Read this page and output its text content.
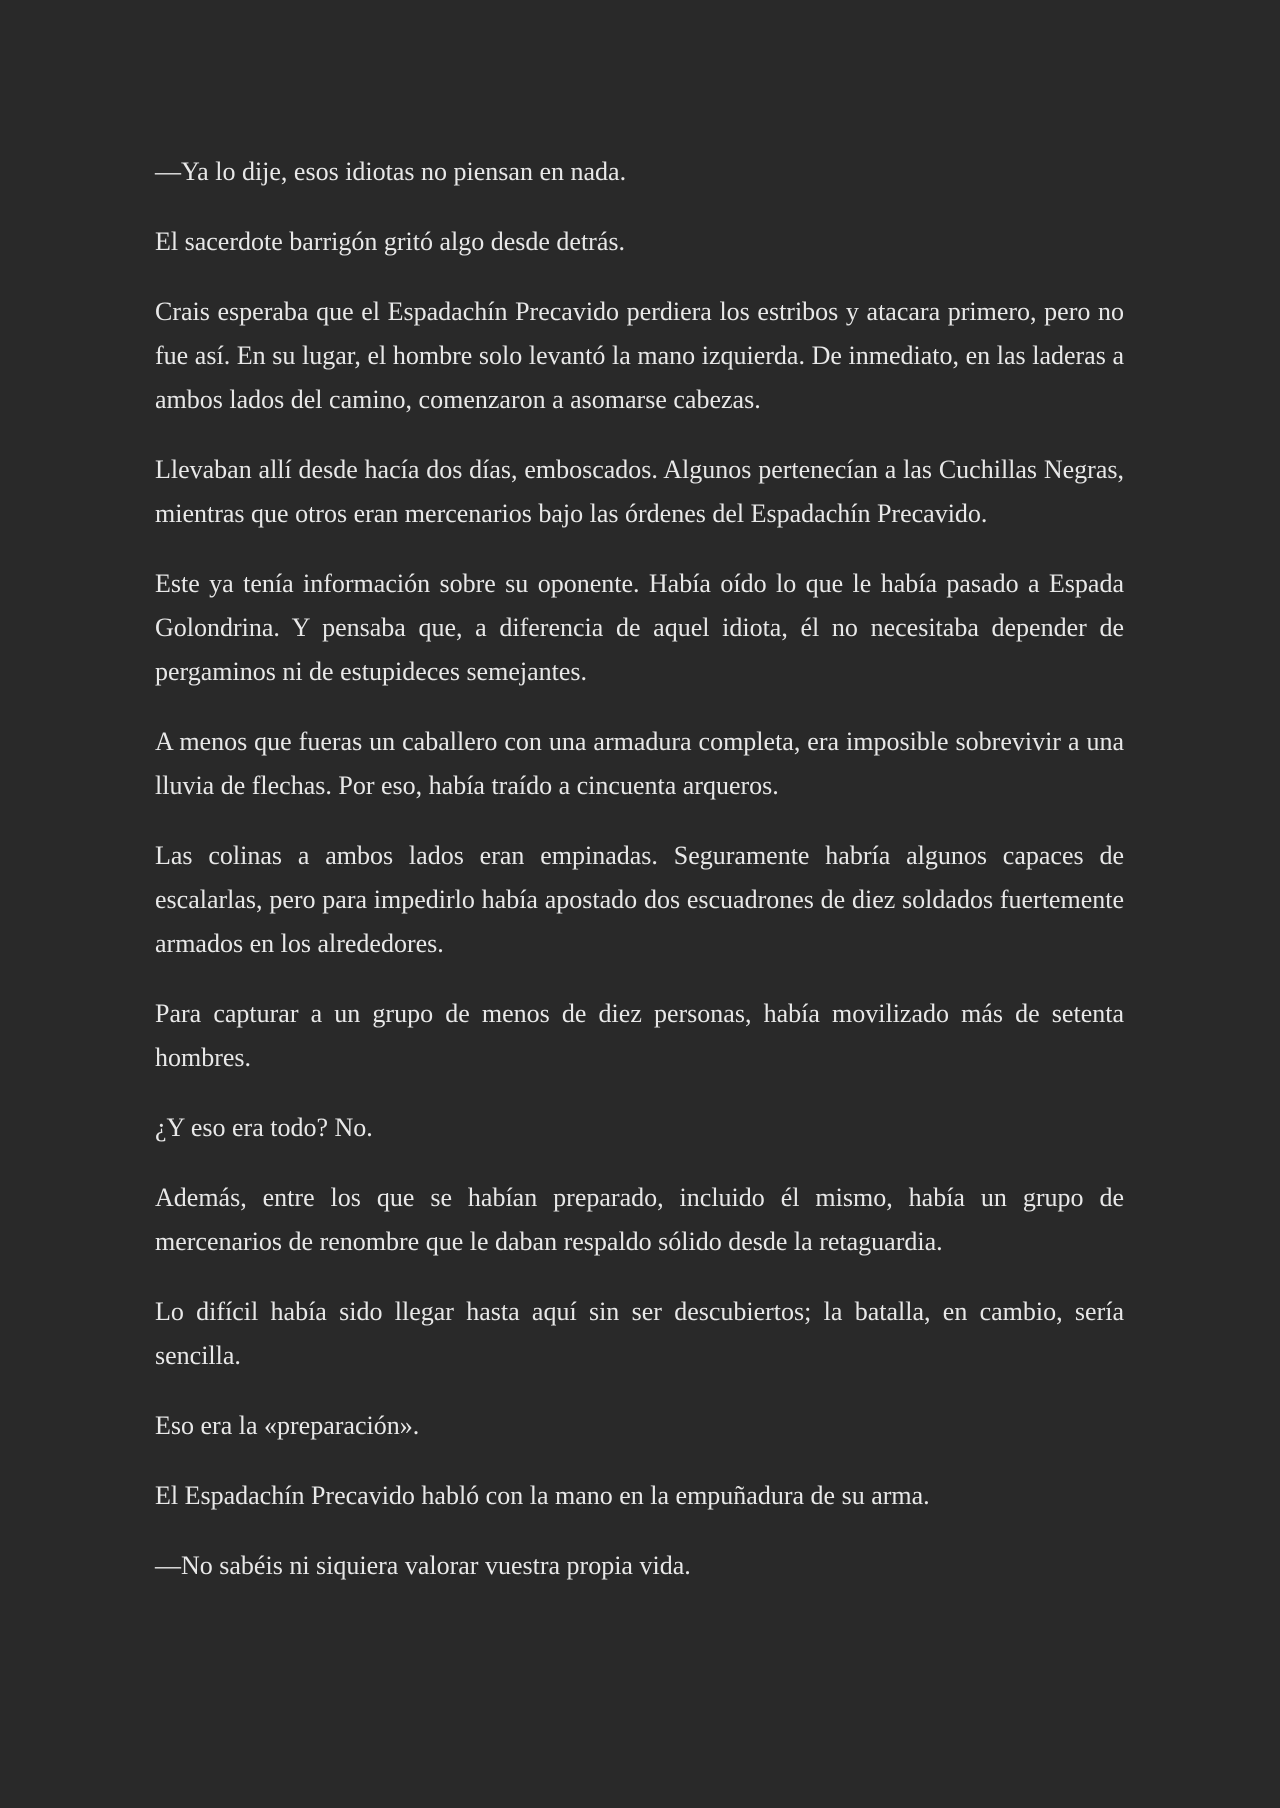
—Ya lo dije, esos idiotas no piensan en nada.

El sacerdote barrigón gritó algo desde detrás.

Crais esperaba que el Espadachín Precavido perdiera los estribos y atacara primero, pero no fue así. En su lugar, el hombre solo levantó la mano izquierda. De inmediato, en las laderas a ambos lados del camino, comenzaron a asomarse cabezas.

Llevaban allí desde hacía dos días, emboscados. Algunos pertenecían a las Cuchillas Negras, mientras que otros eran mercenarios bajo las órdenes del Espadachín Precavido.

Este ya tenía información sobre su oponente. Había oído lo que le había pasado a Espada Golondrina. Y pensaba que, a diferencia de aquel idiota, él no necesitaba depender de pergaminos ni de estupideces semejantes.

A menos que fueras un caballero con una armadura completa, era imposible sobrevivir a una lluvia de flechas. Por eso, había traído a cincuenta arqueros.

Las colinas a ambos lados eran empinadas. Seguramente habría algunos capaces de escalarlas, pero para impedirlo había apostado dos escuadrones de diez soldados fuertemente armados en los alrededores.

Para capturar a un grupo de menos de diez personas, había movilizado más de setenta hombres.

¿Y eso era todo? No.

Además, entre los que se habían preparado, incluido él mismo, había un grupo de mercenarios de renombre que le daban respaldo sólido desde la retaguardia.

Lo difícil había sido llegar hasta aquí sin ser descubiertos; la batalla, en cambio, sería sencilla.

Eso era la «preparación».

El Espadachín Precavido habló con la mano en la empuñadura de su arma.

—No sabéis ni siquiera valorar vuestra propia vida.
